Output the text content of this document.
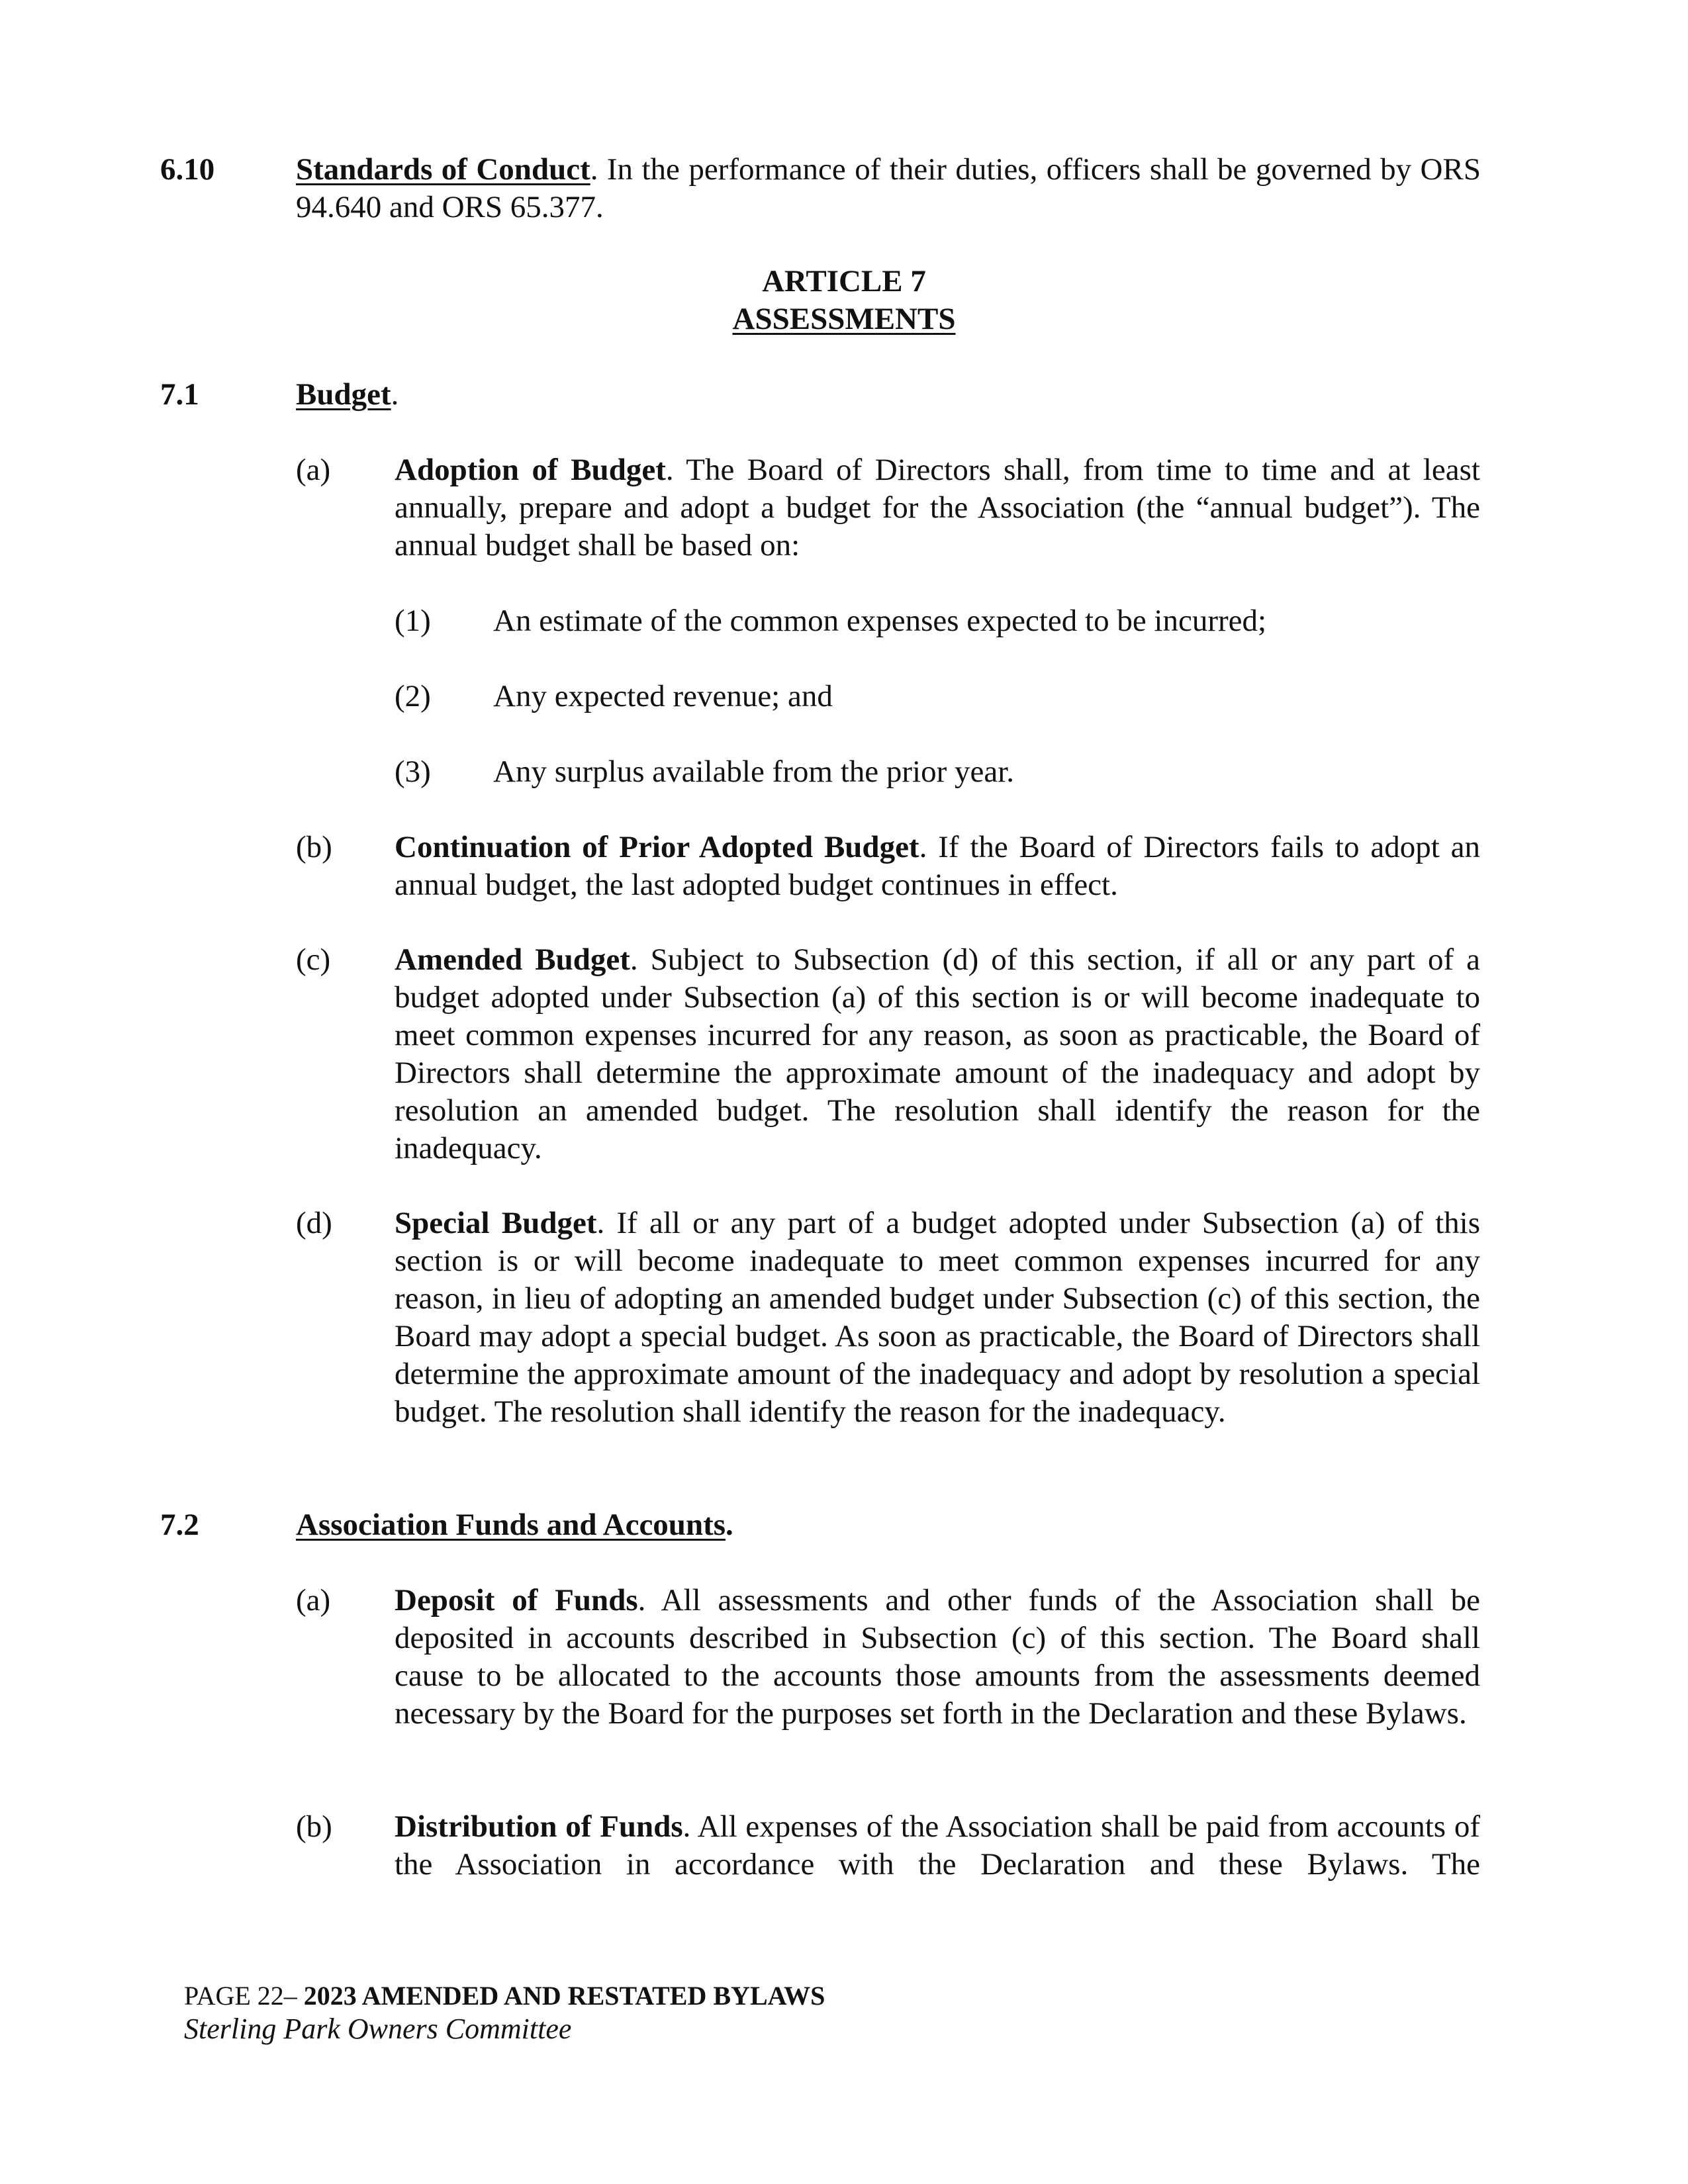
6.10	Standards of Conduct. In the performance of their duties, officers shall be governed by ORS 94.640 and ORS 65.377.
ARTICLE 7
ASSESSMENTS
7.1	Budget.
(a) Adoption of Budget. The Board of Directors shall, from time to time and at least annually, prepare and adopt a budget for the Association (the “annual budget”). The annual budget shall be based on:
(1) An estimate of the common expenses expected to be incurred;
(2) Any expected revenue; and
(3) Any surplus available from the prior year.
(b) Continuation of Prior Adopted Budget. If the Board of Directors fails to adopt an annual budget, the last adopted budget continues in effect.
(c) Amended Budget. Subject to Subsection (d) of this section, if all or any part of a budget adopted under Subsection (a) of this section is or will become inadequate to meet common expenses incurred for any reason, as soon as practicable, the Board of Directors shall determine the approximate amount of the inadequacy and adopt by resolution an amended budget. The resolution shall identify the reason for the inadequacy.
(d) Special Budget. If all or any part of a budget adopted under Subsection (a) of this section is or will become inadequate to meet common expenses incurred for any reason, in lieu of adopting an amended budget under Subsection (c) of this section, the Board may adopt a special budget. As soon as practicable, the Board of Directors shall determine the approximate amount of the inadequacy and adopt by resolution a special budget. The resolution shall identify the reason for the inadequacy.
7.2	Association Funds and Accounts.
(a) Deposit of Funds. All assessments and other funds of the Association shall be deposited in accounts described in Subsection (c) of this section. The Board shall cause to be allocated to the accounts those amounts from the assessments deemed necessary by the Board for the purposes set forth in the Declaration and these Bylaws.
(b) Distribution of Funds. All expenses of the Association shall be paid from accounts of the Association in accordance with the Declaration and these Bylaws. The
PAGE 22– 2023 AMENDED AND RESTATED BYLAWS
Sterling Park Owners Committee
